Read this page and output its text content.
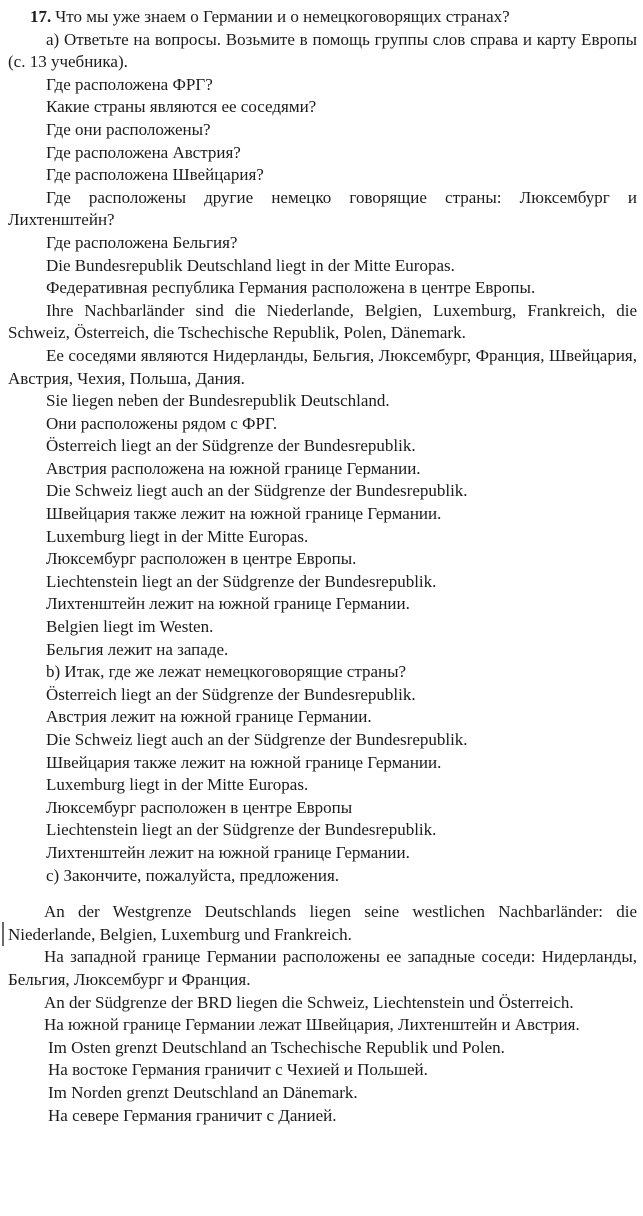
17. Что мы уже знаем о Германии и о немецкоговорящих странах?

a) Ответьте на вопросы. Возьмите в помощь группы слов справа и карту Европы (с. 13 учебника).

Где расположена ФРГ?

Какие страны являются ее соседями?

Где они расположены?

Где расположена Австрия?

Где расположена Швейцария?

Где расположены другие немецко говорящие страны: Люксембург и Лихтенштейн?

Где расположена Бельгия?

Die Bundesrepublik Deutschland liegt in der Mitte Europas.

Федеративная республика Германия расположена в центре Европы.

Ihre Nachbarländer sind die Niederlande, Belgien, Luxemburg, Frankreich, die Schweiz, Österreich, die Tschechische Republik, Polen, Dänemark.

Ее соседями являются Нидерланды, Бельгия, Люксембург, Франция, Швейцария, Австрия, Чехия, Польша, Дания.

Sie liegen neben der Bundesrepublik Deutschland.

Они расположены рядом с ФРГ.

Österreich liegt an der Südgrenze der Bundesrepublik.

Австрия расположена на южной границе Германии.

Die Schweiz liegt auch an der Südgrenze der Bundesrepublik.

Швейцария также лежит на южной границе Германии.

Luxemburg liegt in der Mitte Europas.

Люксембург расположен в центре Европы.

Liechtenstein liegt an der Südgrenze der Bundesrepublik.

Лихтенштейн лежит на южной границе Германии.

Belgien liegt im Westen.

Бельгия лежит на западе.

b) Итак, где же лежат немецкоговорящие страны?

Österreich liegt an der Südgrenze der Bundesrepublik.

Австрия лежит на южной границе Германии.

Die Schweiz liegt auch an der Südgrenze der Bundesrepublik.

Швейцария также лежит на южной границе Германии.

Luxemburg liegt in der Mitte Europas.

Люксембург расположен в центре Европы

Liechtenstein liegt an der Südgrenze der Bundesrepublik.

Лихтенштейн лежит на южной границе Германии.

c) Закончите, пожалуйста, предложения.

An der Westgrenze Deutschlands liegen seine westlichen Nachbarländer: die Niederlande, Belgien, Luxemburg und Frankreich.

На западной границе Германии расположены ее западные соседи: Нидерланды, Бельгия, Люксембург и Франция.

An der Südgrenze der BRD liegen die Schweiz, Liechtenstein und Österreich.

На южной границе Германии лежат Швейцария, Лихтенштейн и Австрия.

Im Osten grenzt Deutschland an Tschechische Republik und Polen.

На востоке Германия граничит с Чехией и Польшей.

Im Norden grenzt Deutschland an Dänemark.

На севере Германия граничит с Данией.
